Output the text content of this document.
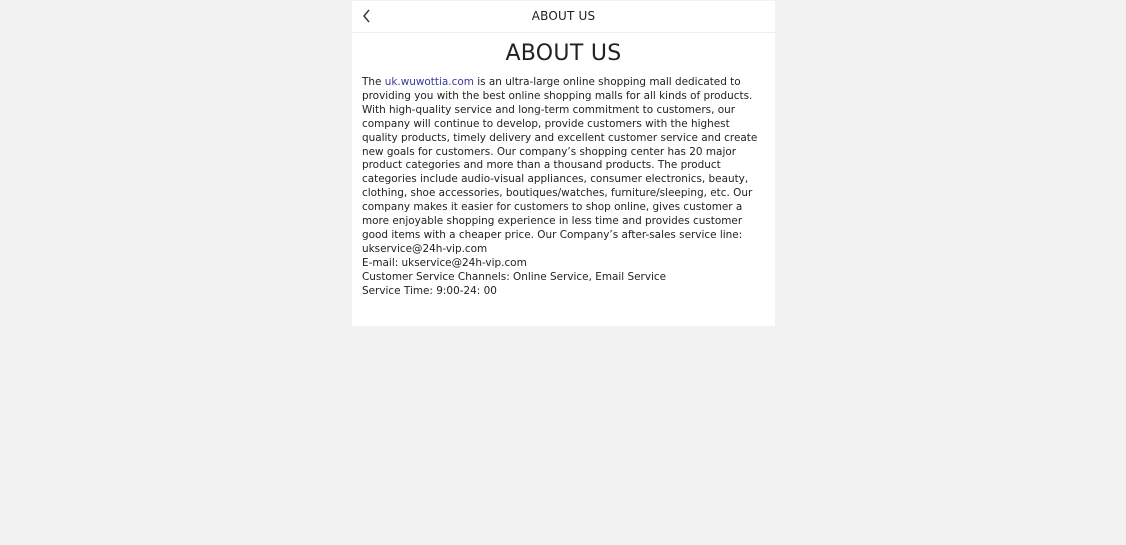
ABOUT US
ABOUT US

The uk.wuwottia.com is an ultra-large online shopping mall dedicated to providing you with the best online shopping malls for all kinds of products. With high-quality service and long-term commitment to customers, our company will continue to develop, provide customers with the highest quality products, timely delivery and excellent customer service and create new goals for customers. Our company’s shopping center has 20 major product categories and more than a thousand products. The product categories include audio-visual appliances, consumer electronics, beauty, clothing, shoe accessories, boutiques/watches, furniture/sleeping, etc. Our company makes it easier for customers to shop online, gives customer a more enjoyable shopping experience in less time and provides customer good items with a cheaper price. Our Company’s after-sales service line: ukservice@24h-vip.com

E-mail: ukservice@24h-vip.com

Customer Service Channels: Online Service, Email Service

Service Time: 9:00-24: 00
